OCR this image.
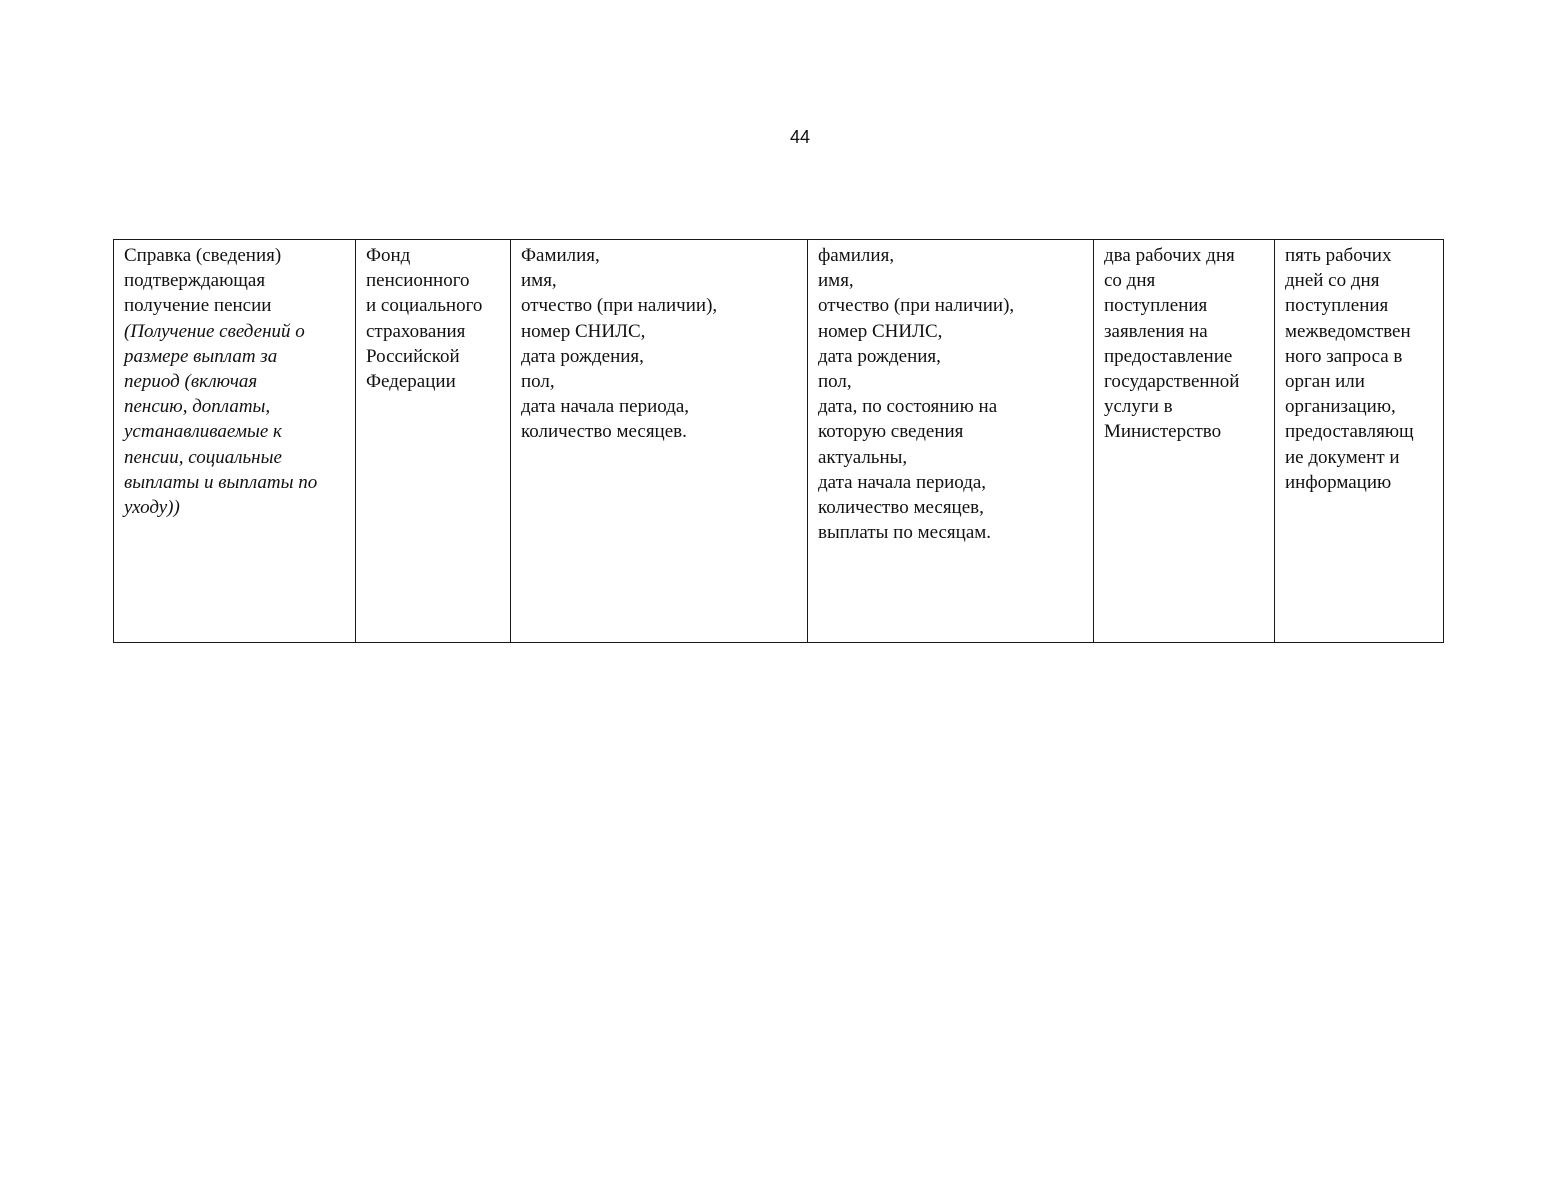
44
Справка (сведения)
подтверждающая
получение пенсии
(Получение сведений о
размере выплат за
период (включая
пенсию, доплаты,
устанавливаемые к
пенсии, социальные
выплаты и выплаты по
уходу))

Фонд
пенсионного
и социального
страхования
Российской
Федерации

Фамилия,
имя,
отчество (при наличии),
номер СНИЛС,
дата рождения,
пол,
дата начала периода,
количество месяцев.

фамилия,
имя,
отчество (при наличии),
номер СНИЛС,
дата рождения,
пол,
дата, по состоянию на
которую сведения
актуальны,
дата начала периода,
количество месяцев,
выплаты по месяцам.

два рабочих дня
со дня
поступления
заявления на
предоставление
государственной
услуги в
Министерство

пять рабочих
дней со дня
поступления
межведомствен
ного запроса в
орган или
организацию,
предоставляющ
ие документ и
информацию
